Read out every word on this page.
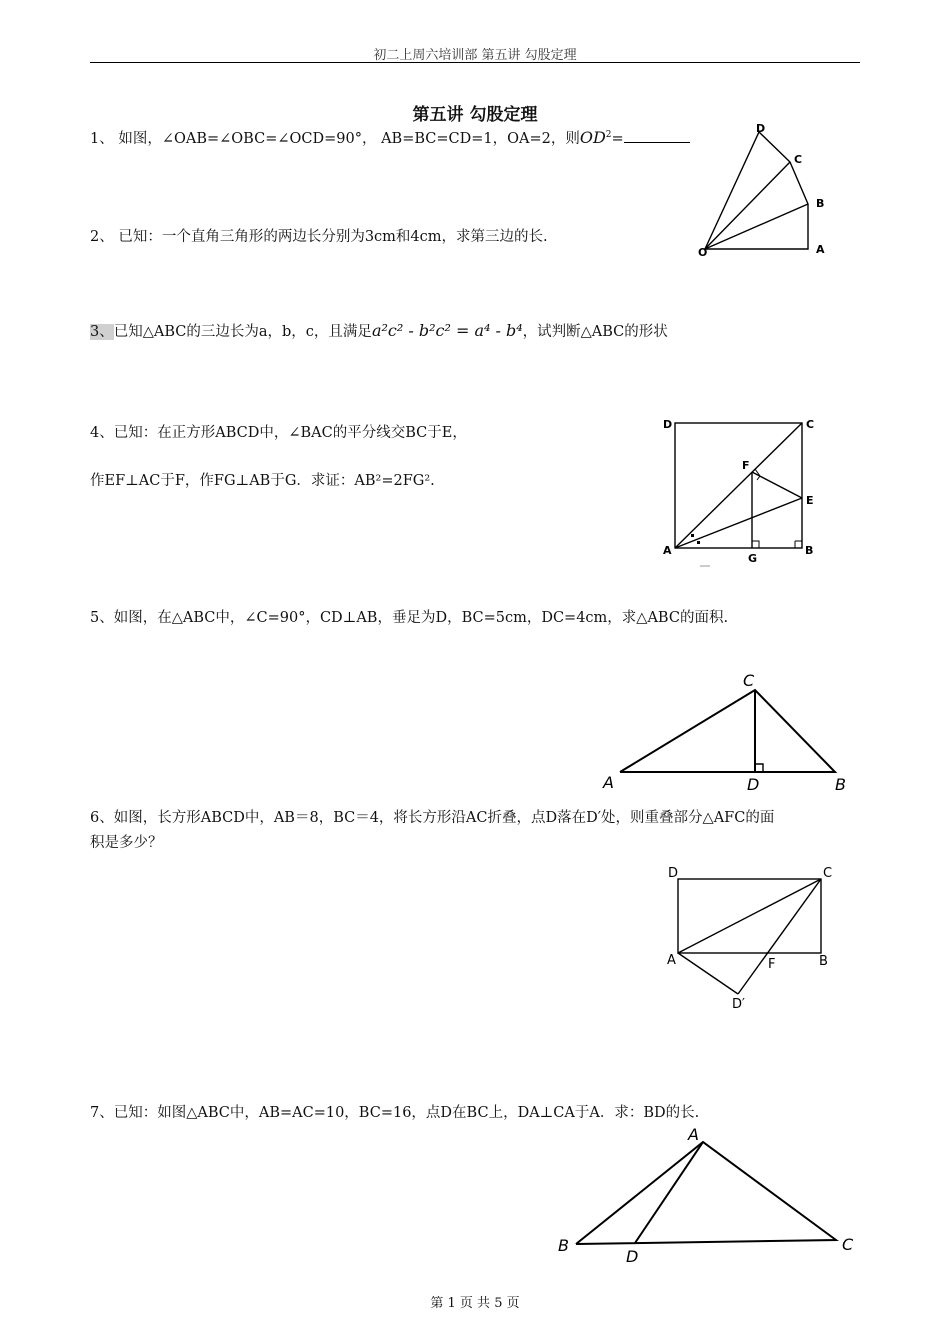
初二上周六培训部 第五讲 勾股定理
第五讲 勾股定理
1、 如图，∠OAB=∠OBC=∠OCD=90°， AB=BC=CD=1，OA=2，则$OD^2=$
O	A
B
C
D
2、 已知：一个直角三角形的两边长分别为3cm和4cm，求第三边的长.
3、已知△ABC的三边长为a，b，c，且满足a²c² - b²c² = a⁴ - b⁴，试判断△ABC的形状
4、已知：在正方形ABCD中，∠BAC的平分线交BC于E，
作EF⊥AC于F，作FG⊥AB于G．求证：AB²=2FG².
D	C
A	B
E
F
G
5、如图，在△ABC中，∠C=90°，CD⊥AB，垂足为D，BC=5cm，DC=4cm，求△ABC的面积.
C
A	D	B
6、如图，长方形ABCD中，AB＝8，BC＝4，将长方形沿AC折叠，点D落在D′处，则重叠部分△AFC的面
积是多少？
D	C
A	B
F
D′
7、已知：如图△ABC中，AB=AC=10，BC=16，点D在BC上，DA⊥CA于A．求：BD的长.
A
B
D
C
第 1 页 共 5 页
